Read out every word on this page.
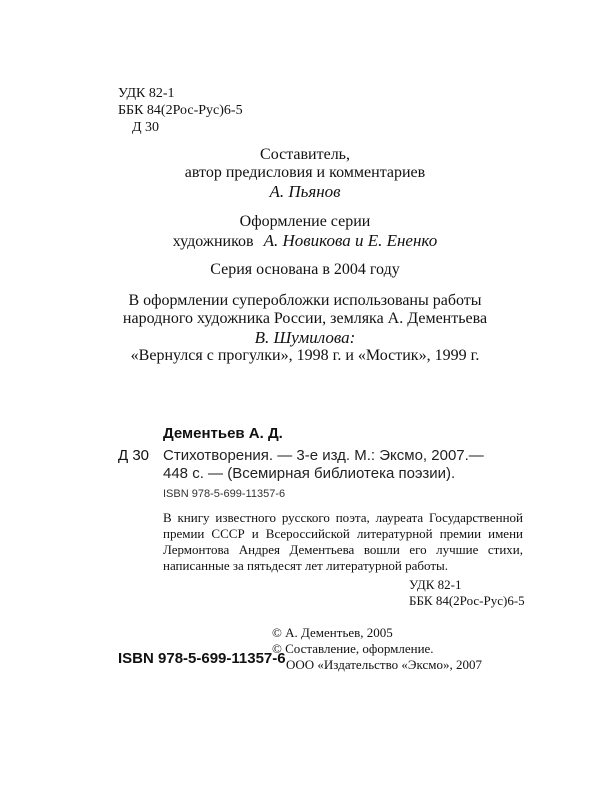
УДК 82-1
ББК 84(2Рос-Рус)6-5
Д 30
Составитель,
автор предисловия и комментариев
А. Пьянов
Оформление серии
художников А. Новикова и Е. Ененко
Серия основана в 2004 году
В оформлении суперобложки использованы работы
народного художника России, земляка А. Дементьева
В. Шумилова:
«Вернулся с прогулки», 1998 г. и «Мостик», 1999 г.
Дементьев А. Д.
Д 30 Стихотворения. — 3-е изд. М.: Эксмо, 2007.—
448 с. — (Всемирная библиотека поэзии).
ISBN 978-5-699-11357-6
В книгу известного русского поэта, лауреата Государственной премии СССР и Всероссийской литературной премии имени Лермонтова Андрея Дементьева вошли его лучшие стихи, написанные за пятьдесят лет литературной работы.
УДК 82-1
ББК 84(2Рос-Рус)6-5
ISBN 978-5-699-11357-6
© А. Дементьев, 2005
© Составление, оформление.
ООО «Издательство «Эксмо», 2007
